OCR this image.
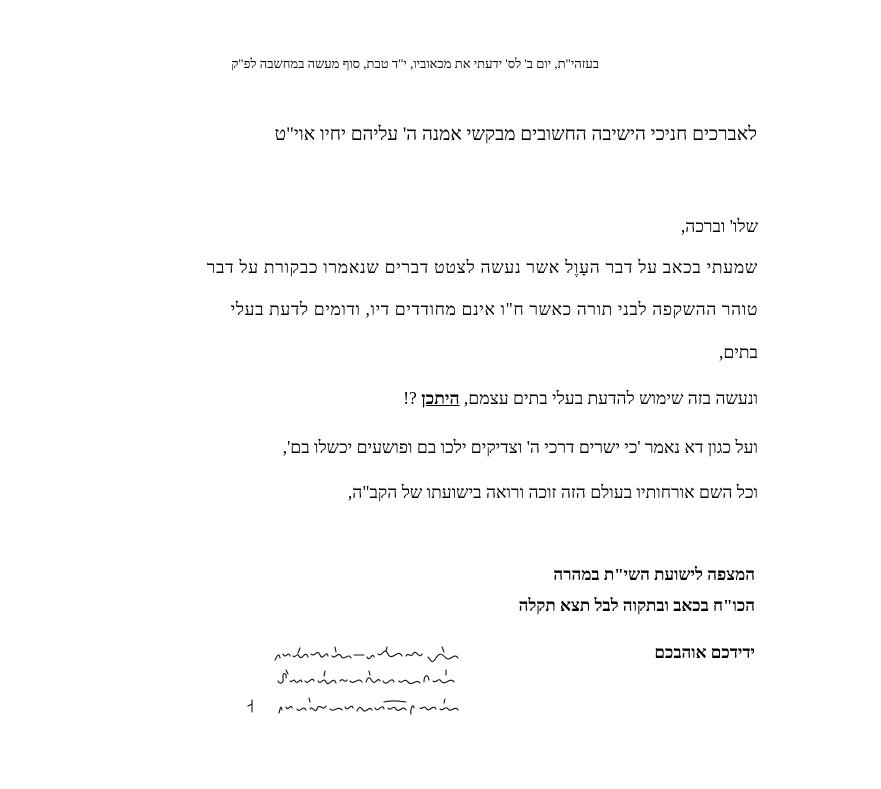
בעזהי"ת, יום ב' לס' ידעתי את מכאוביו, י"ד טבת, סוף מעשה במחשבה לפ"ק
לאברכים חניכי הישיבה החשובים מבקשי אמנה ה' עליהם יחיו אוי"ט
שלו' וברכה,
שמעתי בכאב על דבר העָוֶל אשר נעשה לצטט דברים שנאמרו כבקורת על דבר
טוהר ההשקפה לבני תורה כאשר ח"ו אינם מחודדים דיו, ודומים לדעת בעלי
בתים,
ונעשה בזה שימוש להדעת בעלי בתים עצמם, היתכן ?!
ועל כגון דא נאמר 'כי ישרים דרכי ה' וצדיקים ילכו בם ופושעים יכשלו בם',
וכל השם אורחותיו בעולם הזה זוכה ורואה בישועתו של הקב"ה,
המצפה לישועת השי"ת במהרה
הכו"ח בכאב ובתקוה לבל תצא תקלה
ידידכם אוהבכם
